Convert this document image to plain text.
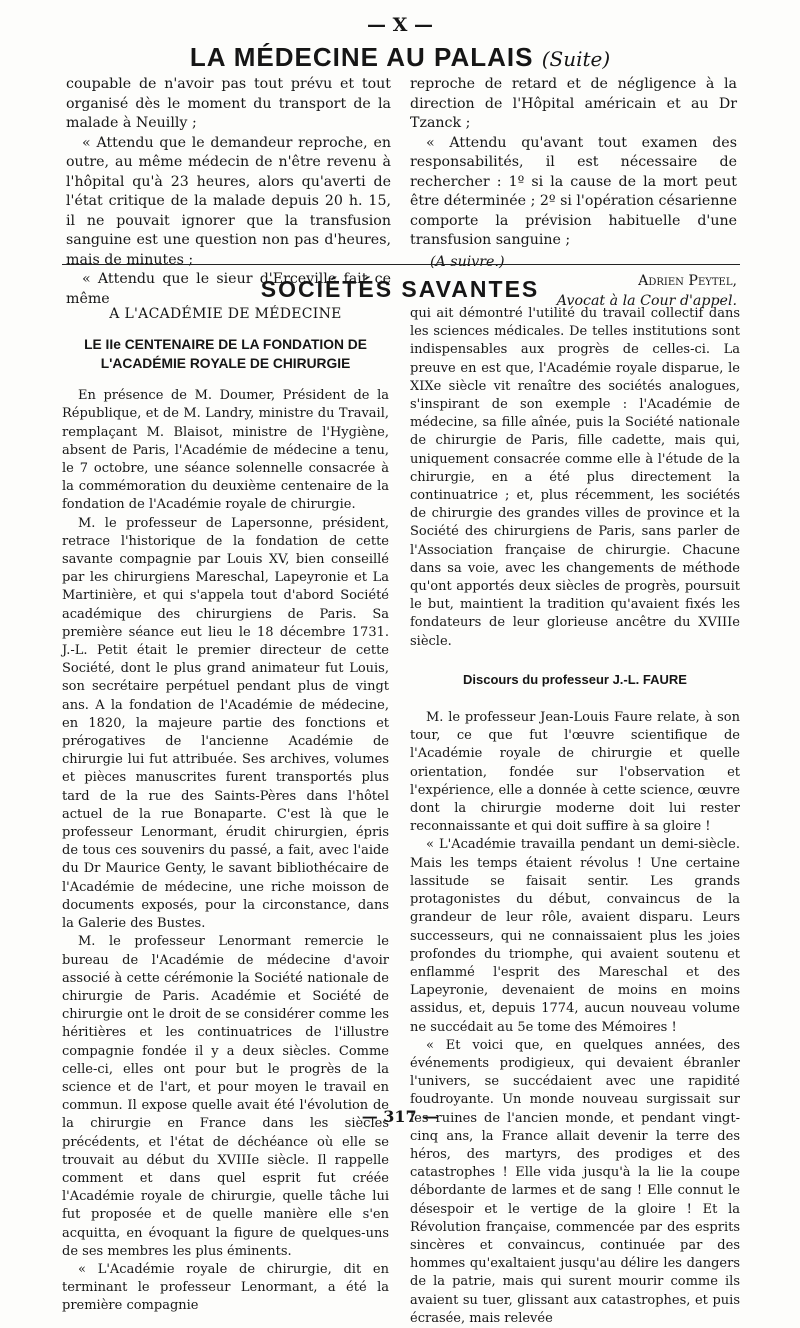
— X —
LA MÉDECINE AU PALAIS (Suite)

coupable de n'avoir pas tout prévu et tout organisé dès le moment du transport de la malade à Neuilly ;

« Attendu que le demandeur reproche, en outre, au même médecin de n'être revenu à l'hôpital qu'à 23 heures, alors qu'averti de l'état critique de la malade depuis 20 h. 15, il ne pouvait ignorer que la transfusion sanguine est une question non pas d'heures, mais de minutes ;

« Attendu que le sieur d'Erceville fait ce même

reproche de retard et de négligence à la direction de l'Hôpital américain et au Dr Tzanck ;

« Attendu qu'avant tout examen des responsabilités, il est nécessaire de rechercher : 1º si la cause de la mort peut être déterminée ; 2º si l'opération césarienne comporte la prévision habituelle d'une transfusion sanguine ;

(A suivre.)

Adrien Peytel,
Avocat à la Cour d'appel.

SOCIÉTÉS SAVANTES

A L'ACADÉMIE DE MÉDECINE

LE IIe CENTENAIRE DE LA FONDATION DE L'ACADÉMIE ROYALE DE CHIRURGIE

En présence de M. Doumer, Président de la République, et de M. Landry, ministre du Travail, remplaçant M. Blaisot, ministre de l'Hygiène, absent de Paris, l'Académie de médecine a tenu, le 7 octobre, une séance solennelle consacrée à la commémoration du deuxième centenaire de la fondation de l'Académie royale de chirurgie.

M. le professeur de Lapersonne, président, retrace l'historique de la fondation de cette savante compagnie par Louis XV, bien conseillé par les chirurgiens Mareschal, Lapeyronie et La Martinière, et qui s'appela tout d'abord Société académique des chirurgiens de Paris. Sa première séance eut lieu le 18 décembre 1731. J.-L. Petit était le premier directeur de cette Société, dont le plus grand animateur fut Louis, son secrétaire perpétuel pendant plus de vingt ans. A la fondation de l'Académie de médecine, en 1820, la majeure partie des fonctions et prérogatives de l'ancienne Académie de chirurgie lui fut attribuée. Ses archives, volumes et pièces manuscrites furent transportés plus tard de la rue des Saints-Pères dans l'hôtel actuel de la rue Bonaparte. C'est là que le professeur Lenormant, érudit chirurgien, épris de tous ces souvenirs du passé, a fait, avec l'aide du Dr Maurice Genty, le savant bibliothécaire de l'Académie de médecine, une riche moisson de documents exposés, pour la circonstance, dans la Galerie des Bustes.

M. le professeur Lenormant remercie le bureau de l'Académie de médecine d'avoir associé à cette cérémonie la Société nationale de chirurgie de Paris. Académie et Société de chirurgie ont le droit de se considérer comme les héritières et les continuatrices de l'illustre compagnie fondée il y a deux siècles. Comme celle-ci, elles ont pour but le progrès de la science et de l'art, et pour moyen le travail en commun. Il expose quelle avait été l'évolution de la chirurgie en France dans les siècles précédents, et l'état de déchéance où elle se trouvait au début du XVIIIe siècle. Il rappelle comment et dans quel esprit fut créée l'Académie royale de chirurgie, quelle tâche lui fut proposée et de quelle manière elle s'en acquitta, en évoquant la figure de quelques-uns de ses membres les plus éminents.

« L'Académie royale de chirurgie, dit en terminant le professeur Lenormant, a été la première compagnie

qui ait démontré l'utilité du travail collectif dans les sciences médicales. De telles institutions sont indispensables aux progrès de celles-ci. La preuve en est que, l'Académie royale disparue, le XIXe siècle vit renaître des sociétés analogues, s'inspirant de son exemple : l'Académie de médecine, sa fille aînée, puis la Société nationale de chirurgie de Paris, fille cadette, mais qui, uniquement consacrée comme elle à l'étude de la chirurgie, en a été plus directement la continuatrice ; et, plus récemment, les sociétés de chirurgie des grandes villes de province et la Société des chirurgiens de Paris, sans parler de l'Association française de chirurgie. Chacune dans sa voie, avec les changements de méthode qu'ont apportés deux siècles de progrès, poursuit le but, maintient la tradition qu'avaient fixés les fondateurs de leur glorieuse ancêtre du XVIIIe siècle.

Discours du professeur J.-L. FAURE

M. le professeur Jean-Louis Faure relate, à son tour, ce que fut l'œuvre scientifique de l'Académie royale de chirurgie et quelle orientation, fondée sur l'observation et l'expérience, elle a donnée à cette science, œuvre dont la chirurgie moderne doit lui rester reconnaissante et qui doit suffire à sa gloire !

« L'Académie travailla pendant un demi-siècle. Mais les temps étaient révolus ! Une certaine lassitude se faisait sentir. Les grands protagonistes du début, convaincus de la grandeur de leur rôle, avaient disparu. Leurs successeurs, qui ne connaissaient plus les joies profondes du triomphe, qui avaient soutenu et enflammé l'esprit des Mareschal et des Lapeyronie, devenaient de moins en moins assidus, et, depuis 1774, aucun nouveau volume ne succédait au 5e tome des Mémoires !

« Et voici que, en quelques années, des événements prodigieux, qui devaient ébranler l'univers, se succédaient avec une rapidité foudroyante. Un monde nouveau surgissait sur les ruines de l'ancien monde, et pendant vingt-cinq ans, la France allait devenir la terre des héros, des martyrs, des prodiges et des catastrophes ! Elle vida jusqu'à la lie la coupe débordante de larmes et de sang ! Elle connut le désespoir et le vertige de la gloire ! Et la Révolution française, commencée par des esprits sincères et convaincus, continuée par des hommes qu'exaltaient jusqu'au délire les dangers de la patrie, mais qui surent mourir comme ils avaient su tuer, glissant aux catastrophes, et puis écrasée, mais relevée

— 317 —
